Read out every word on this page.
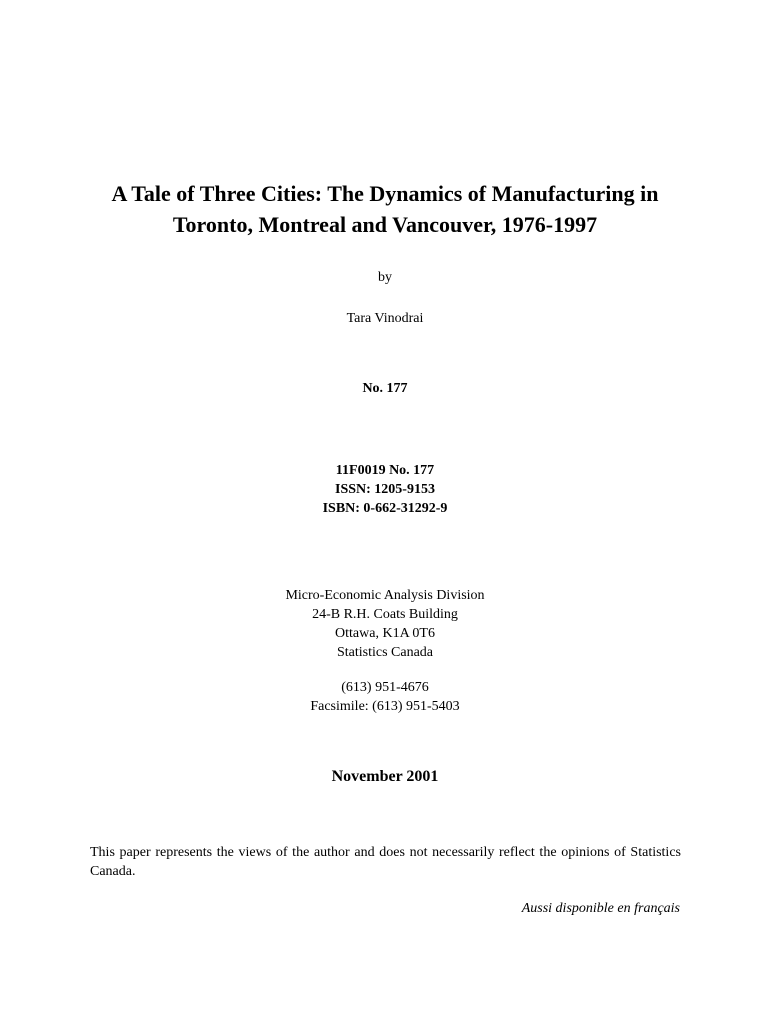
A Tale of Three Cities: The Dynamics of Manufacturing in
Toronto, Montreal and Vancouver, 1976-1997
by
Tara Vinodrai
No. 177
11F0019 No. 177
ISSN: 1205-9153
ISBN: 0-662-31292-9
Micro-Economic Analysis Division
24-B R.H. Coats Building
Ottawa, K1A 0T6
Statistics Canada
(613) 951-4676
Facsimile: (613) 951-5403
November 2001
This paper represents the views of the author and does not necessarily reflect the opinions of Statistics Canada.
Aussi disponible en français
